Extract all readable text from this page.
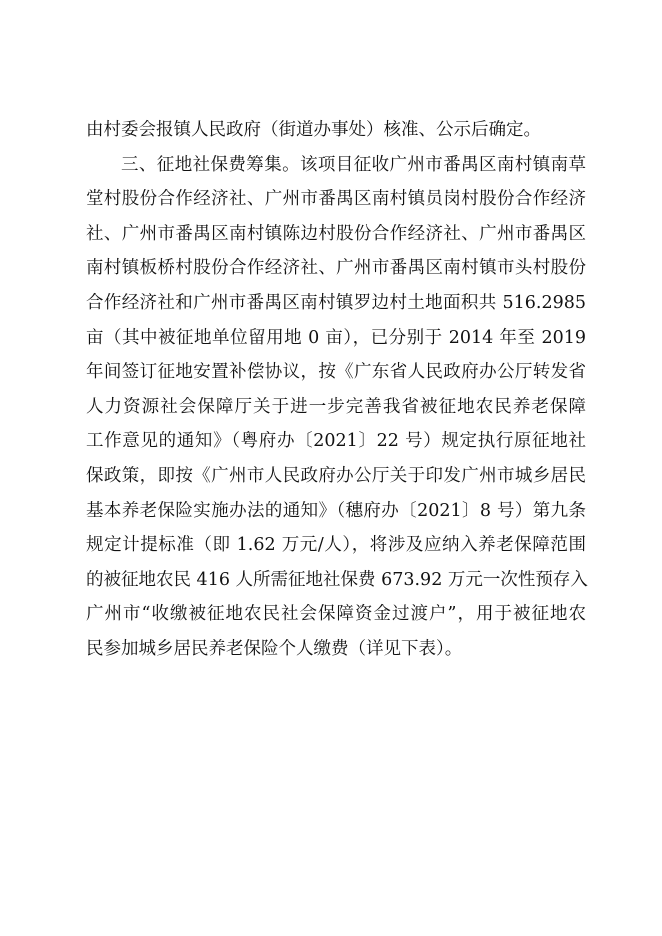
由村委会报镇人民政府（街道办事处）核准、公示后确定。
三、征地社保费筹集。该项目征收广州市番禺区南村镇南草
堂村股份合作经济社、广州市番禺区南村镇员岗村股份合作经济
社、广州市番禺区南村镇陈边村股份合作经济社、广州市番禺区
南村镇板桥村股份合作经济社、广州市番禺区南村镇市头村股份
合作经济社和广州市番禺区南村镇罗边村土地面积共 516.2985
亩（其中被征地单位留用地 0 亩），已分别于 2014 年至 2019
年间签订征地安置补偿协议，按《广东省人民政府办公厅转发省
人力资源社会保障厅关于进一步完善我省被征地农民养老保障
工作意见的通知》（粤府办〔2021〕22 号）规定执行原征地社
保政策，即按《广州市人民政府办公厅关于印发广州市城乡居民
基本养老保险实施办法的通知》（穗府办〔2021〕8 号）第九条
规定计提标准（即 1.62 万元/人），将涉及应纳入养老保障范围
的被征地农民 416 人所需征地社保费 673.92 万元一次性预存入
广州市“收缴被征地农民社会保障资金过渡户”，用于被征地农
民参加城乡居民养老保险个人缴费（详见下表）。
